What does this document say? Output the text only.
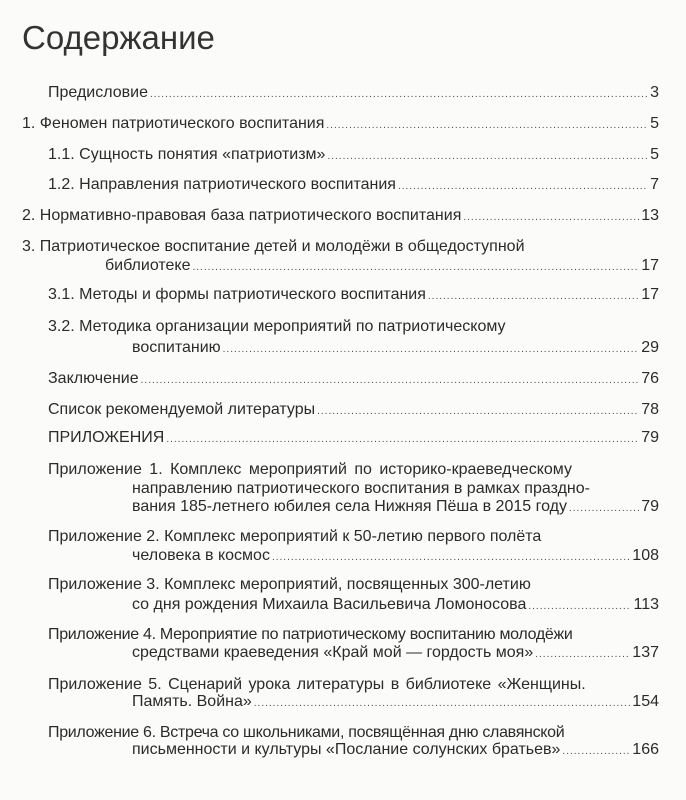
Содержание
Предисловие .....	3
1. Феномен патриотического воспитания .....	5
1.1. Сущность понятия «патриотизм» .....	5
1.2. Направления патриотического воспитания .....	7
2. Нормативно-правовая база патриотического воспитания .....	13
3. Патриотическое воспитание детей и молодёжи в общедоступной
библиотеке .....	17
3.1. Методы и формы патриотического воспитания .....	17
3.2. Методика организации мероприятий по патриотическому
воспитанию .....	29
Заключение .....	76
Список рекомендуемой литературы .....	78
ПРИЛОЖЕНИЯ .....	79
Приложение 1. Комплекс мероприятий по историко-краеведческому
направлению патриотического воспитания в рамках праздно-
вания 185-летнего юбилея села Нижняя Пёша в 2015 году .....	79
Приложение 2. Комплекс мероприятий к 50-летию первого полёта
человека в космос .....	108
Приложение 3. Комплекс мероприятий, посвященных 300-летию
со дня рождения Михаила Васильевича Ломоносова .....	113
Приложение 4. Мероприятие по патриотическому воспитанию молодёжи
средствами краеведения «Край мой — гордость моя» .....	137
Приложение 5. Сценарий урока литературы в библиотеке «Женщины.
Память. Война» .....	154
Приложение 6. Встреча со школьниками, посвящённая дню славянской
письменности и культуры «Послание солунских братьев» .....	166
